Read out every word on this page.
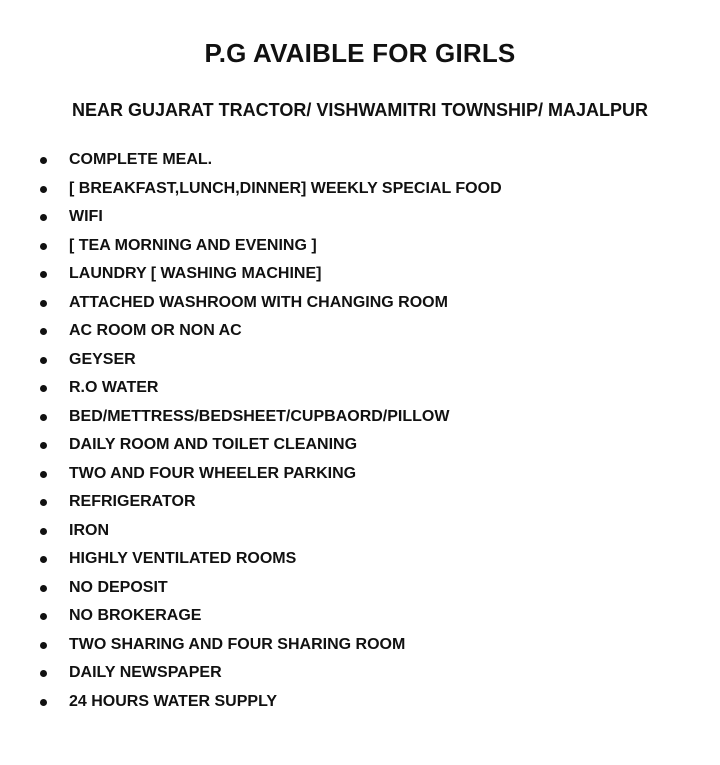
P.G AVAIBLE FOR GIRLS
NEAR GUJARAT TRACTOR/ VISHWAMITRI TOWNSHIP/ MAJALPUR
COMPLETE MEAL.
[ BREAKFAST,LUNCH,DINNER] WEEKLY SPECIAL FOOD
WIFI
[ TEA MORNING AND EVENING ]
LAUNDRY [ WASHING MACHINE]
ATTACHED WASHROOM WITH CHANGING ROOM
AC ROOM OR NON AC
GEYSER
R.O WATER
BED/METTRESS/BEDSHEET/CUPBAORD/PILLOW
DAILY ROOM AND TOILET CLEANING
TWO AND FOUR WHEELER PARKING
REFRIGERATOR
IRON
HIGHLY VENTILATED ROOMS
NO DEPOSIT
NO BROKERAGE
TWO SHARING AND FOUR SHARING ROOM
DAILY NEWSPAPER
24 HOURS WATER SUPPLY
